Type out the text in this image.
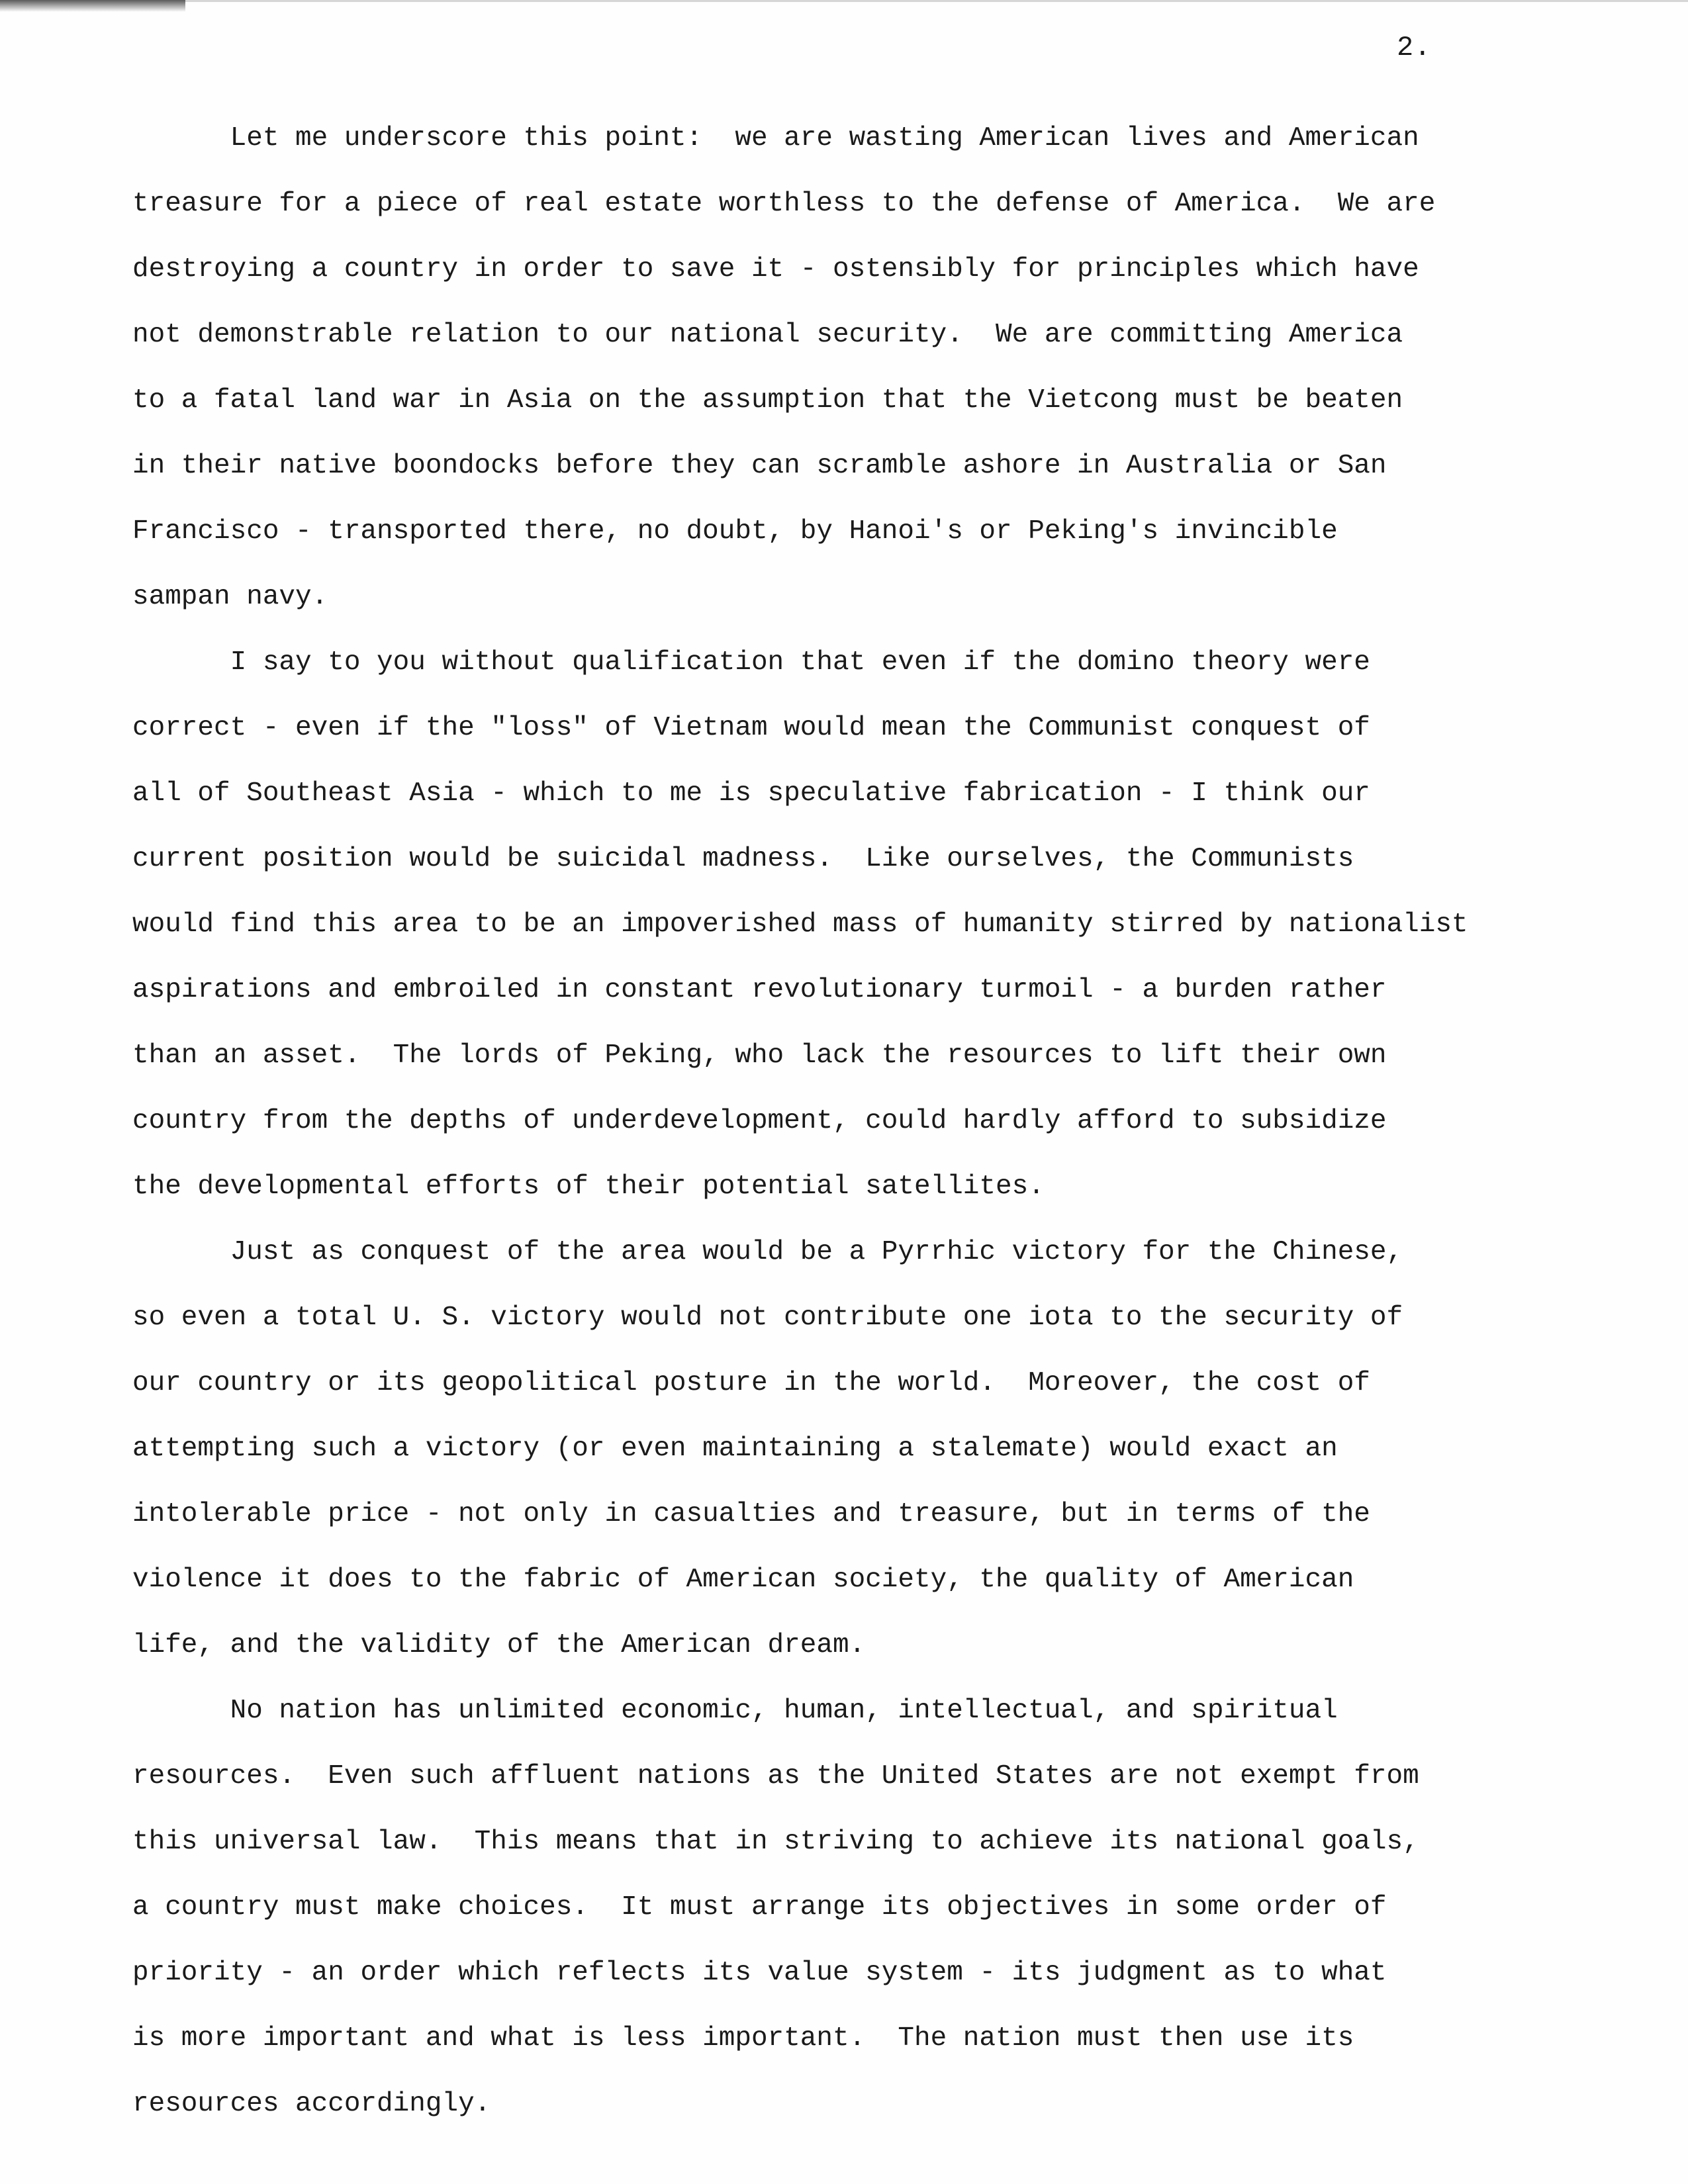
2.
Let me underscore this point:  we are wasting American lives and American
treasure for a piece of real estate worthless to the defense of America.  We are
destroying a country in order to save it - ostensibly for principles which have
not demonstrable relation to our national security.  We are committing America
to a fatal land war in Asia on the assumption that the Vietcong must be beaten
in their native boondocks before they can scramble ashore in Australia or San
Francisco - transported there, no doubt, by Hanoi's or Peking's invincible
sampan navy.
I say to you without qualification that even if the domino theory were
correct - even if the "loss" of Vietnam would mean the Communist conquest of
all of Southeast Asia - which to me is speculative fabrication - I think our
current position would be suicidal madness.  Like ourselves, the Communists
would find this area to be an impoverished mass of humanity stirred by nationalist
aspirations and embroiled in constant revolutionary turmoil - a burden rather
than an asset.  The lords of Peking, who lack the resources to lift their own
country from the depths of underdevelopment, could hardly afford to subsidize
the developmental efforts of their potential satellites.
Just as conquest of the area would be a Pyrrhic victory for the Chinese,
so even a total U. S. victory would not contribute one iota to the security of
our country or its geopolitical posture in the world.  Moreover, the cost of
attempting such a victory (or even maintaining a stalemate) would exact an
intolerable price - not only in casualties and treasure, but in terms of the
violence it does to the fabric of American society, the quality of American
life, and the validity of the American dream.
No nation has unlimited economic, human, intellectual, and spiritual
resources.  Even such affluent nations as the United States are not exempt from
this universal law.  This means that in striving to achieve its national goals,
a country must make choices.  It must arrange its objectives in some order of
priority - an order which reflects its value system - its judgment as to what
is more important and what is less important.  The nation must then use its
resources accordingly.
